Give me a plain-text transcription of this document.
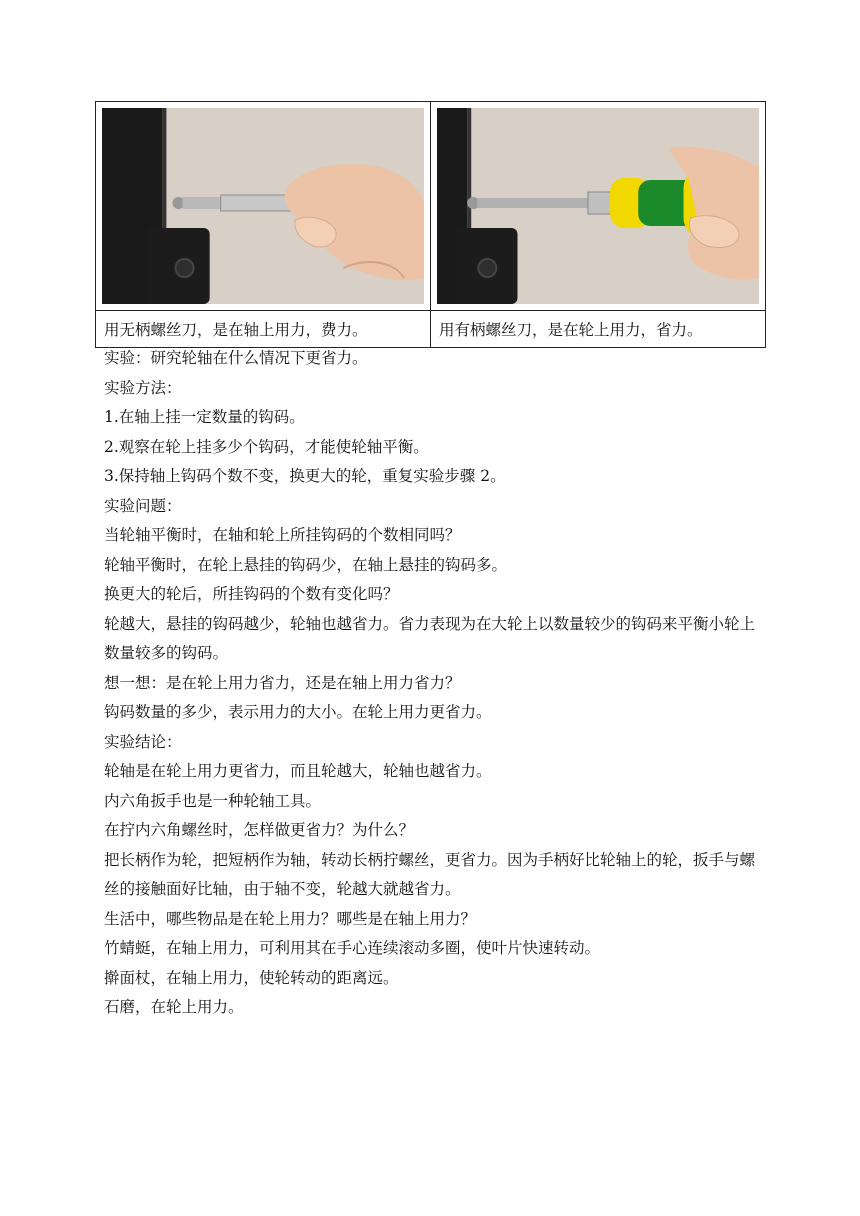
用无柄螺丝刀，是在轴上用力，费力。	用有柄螺丝刀，是在轮上用力，省力。

实验：研究轮轴在什么情况下更省力。

实验方法：

1.在轴上挂一定数量的钩码。

2.观察在轮上挂多少个钩码，才能使轮轴平衡。

3.保持轴上钩码个数不变，换更大的轮，重复实验步骤 2。

实验问题：

当轮轴平衡时，在轴和轮上所挂钩码的个数相同吗？

轮轴平衡时，在轮上悬挂的钩码少，在轴上悬挂的钩码多。

换更大的轮后，所挂钩码的个数有变化吗？

轮越大，悬挂的钩码越少，轮轴也越省力。省力表现为在大轮上以数量较少的钩码来平衡小轮上数量较多的钩码。

想一想：是在轮上用力省力，还是在轴上用力省力？

钩码数量的多少，表示用力的大小。在轮上用力更省力。

实验结论：

轮轴是在轮上用力更省力，而且轮越大，轮轴也越省力。

内六角扳手也是一种轮轴工具。

在拧内六角螺丝时，怎样做更省力？为什么？

把长柄作为轮，把短柄作为轴，转动长柄拧螺丝，更省力。因为手柄好比轮轴上的轮，扳手与螺丝的接触面好比轴，由于轴不变，轮越大就越省力。

生活中，哪些物品是在轮上用力？哪些是在轴上用力？

竹蜻蜓，在轴上用力，可利用其在手心连续滚动多圈，使叶片快速转动。

擀面杖，在轴上用力，使轮转动的距离远。

石磨，在轮上用力。
